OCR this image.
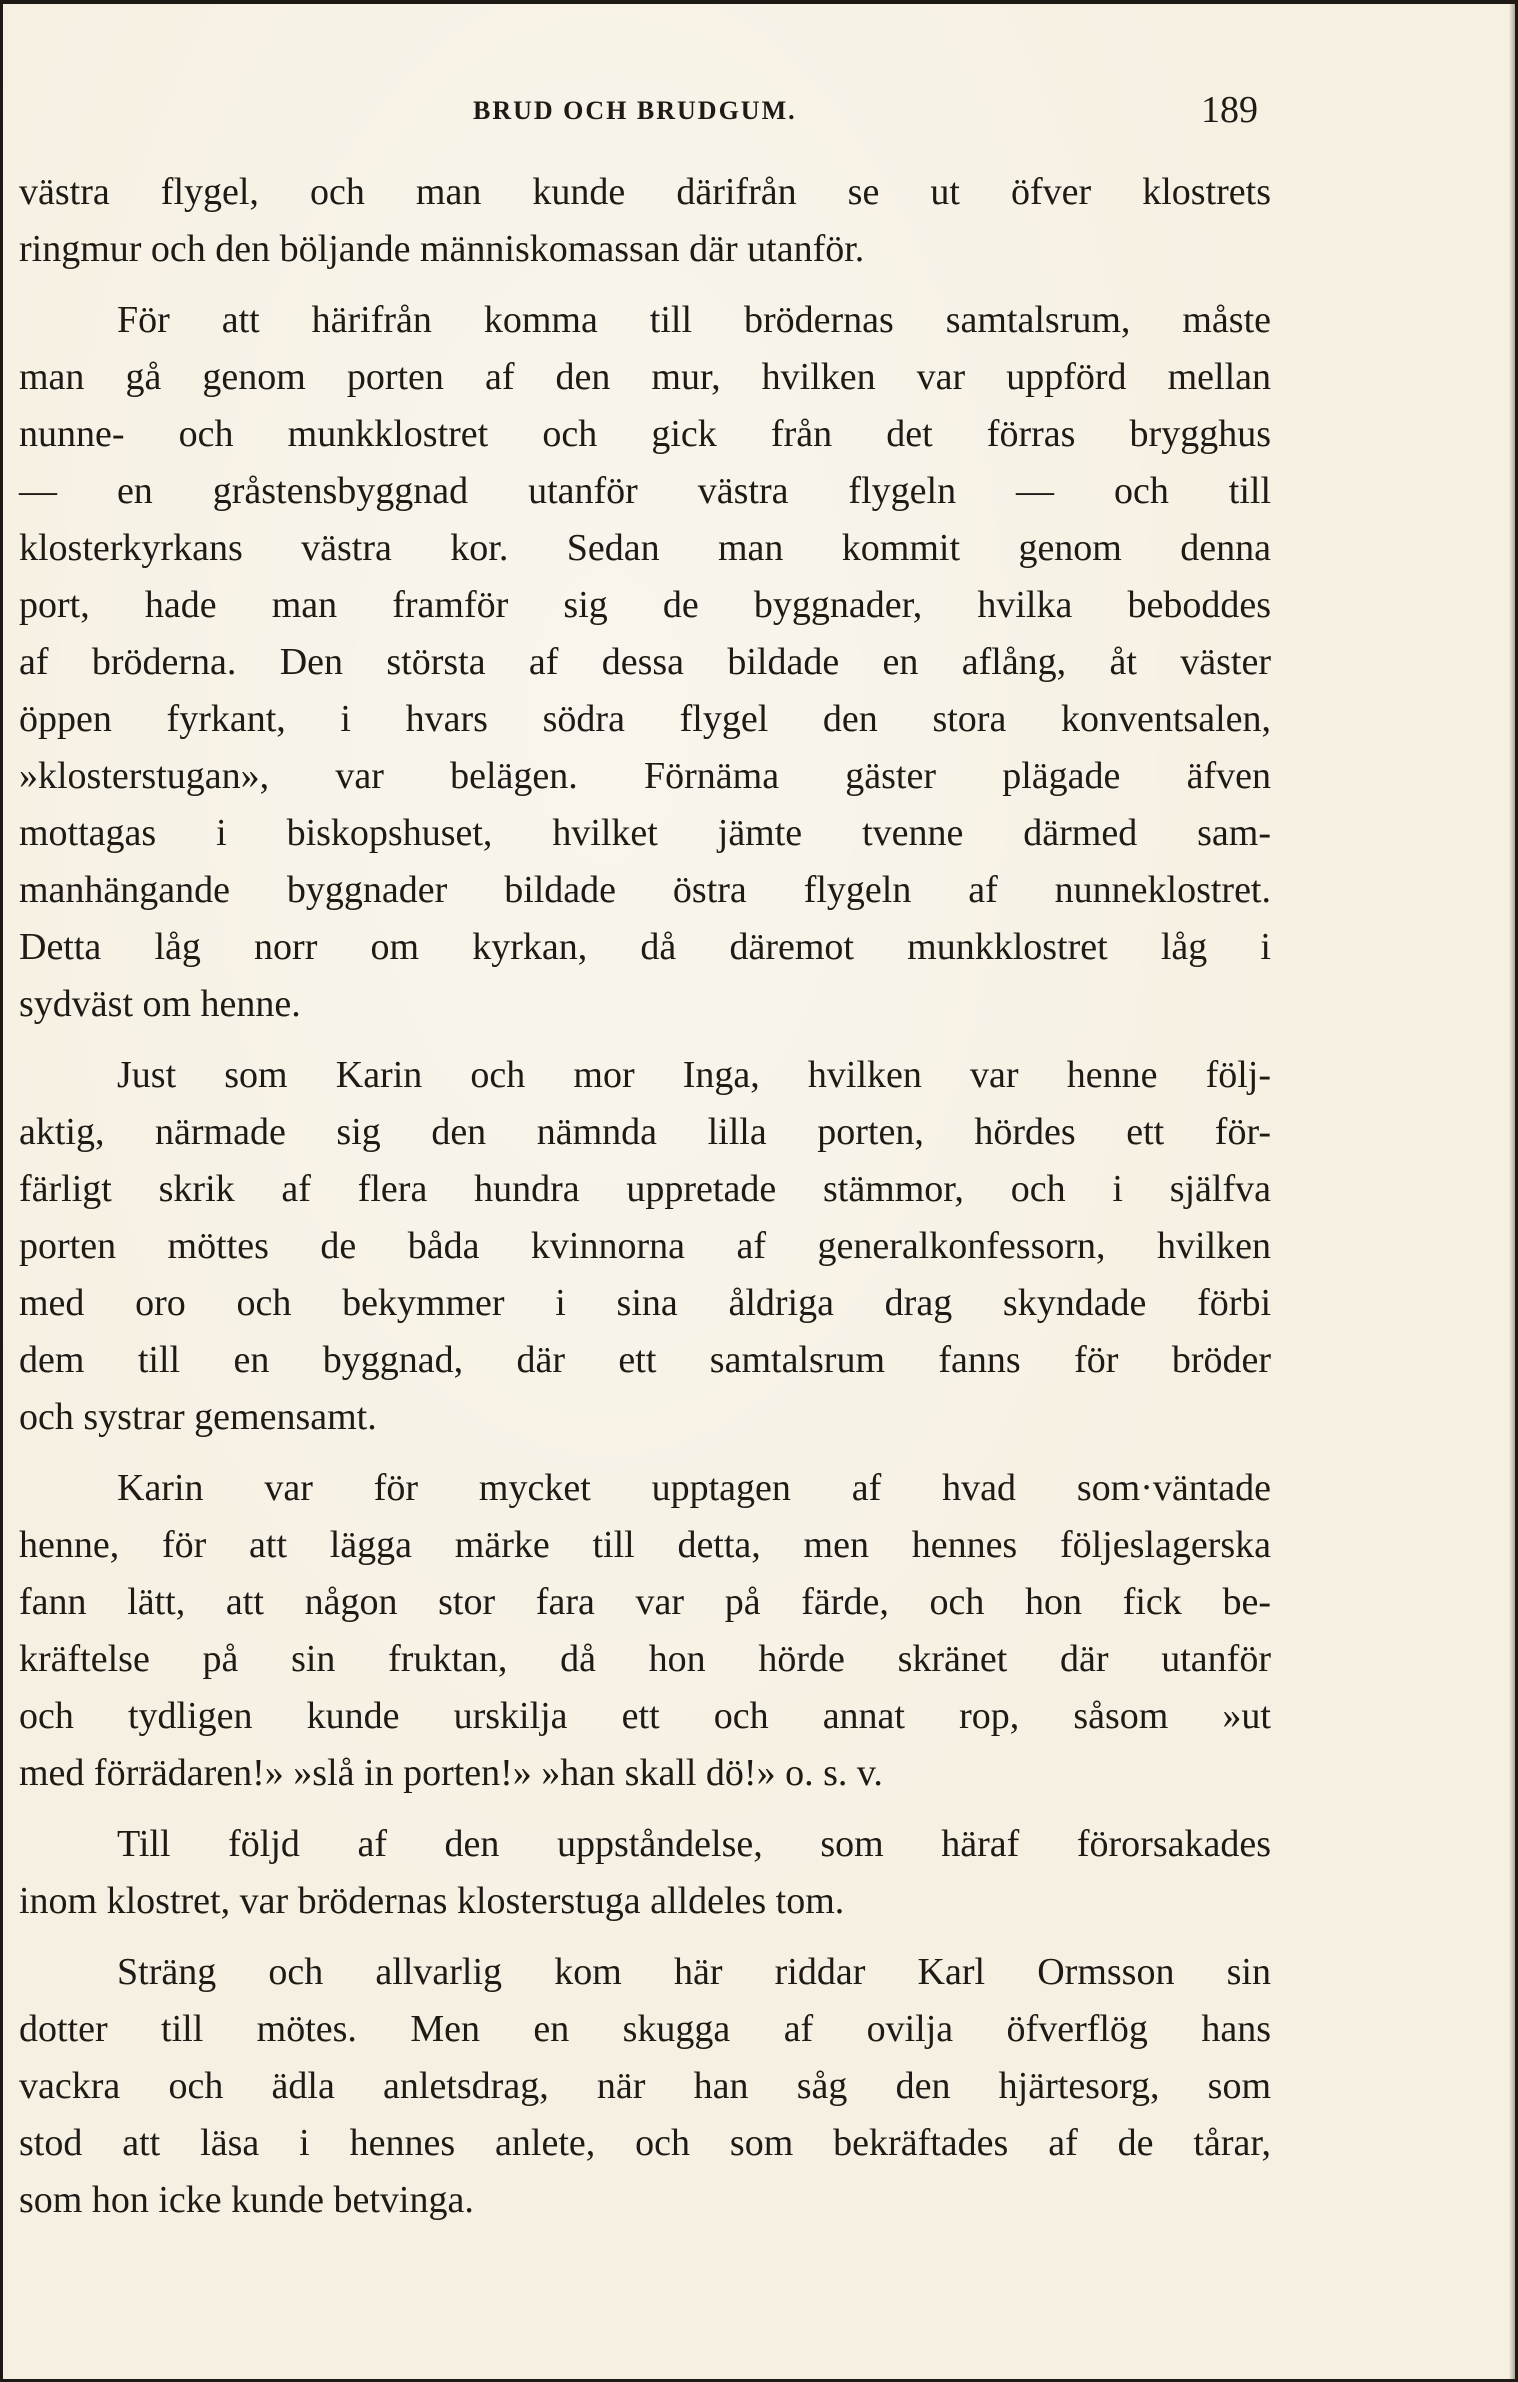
BRUD OCH BRUDGUM.	189
västra flygel, och man kunde därifrån se ut öfver klostrets
ringmur och den böljande människomassan där utanför.
För att härifrån komma till brödernas samtalsrum, måste
man gå genom porten af den mur, hvilken var uppförd mellan
nunne- och munkklostret och gick från det förras brygghus
— en gråstensbyggnad utanför västra flygeln — och till
klosterkyrkans västra kor. Sedan man kommit genom denna
port, hade man framför sig de byggnader, hvilka beboddes
af bröderna. Den största af dessa bildade en aflång, åt väster
öppen fyrkant, i hvars södra flygel den stora konventsalen,
»klosterstugan», var belägen. Förnäma gäster plägade äfven
mottagas i biskopshuset, hvilket jämte tvenne därmed sam-
manhängande byggnader bildade östra flygeln af nunneklostret.
Detta låg norr om kyrkan, då däremot munkklostret låg i
sydväst om henne.
Just som Karin och mor Inga, hvilken var henne följ-
aktig, närmade sig den nämnda lilla porten, hördes ett för-
färligt skrik af flera hundra uppretade stämmor, och i själfva
porten möttes de båda kvinnorna af generalkonfessorn, hvilken
med oro och bekymmer i sina åldriga drag skyndade förbi
dem till en byggnad, där ett samtalsrum fanns för bröder
och systrar gemensamt.
Karin var för mycket upptagen af hvad som·väntade
henne, för att lägga märke till detta, men hennes följeslagerska
fann lätt, att någon stor fara var på färde, och hon fick be-
kräftelse på sin fruktan, då hon hörde skränet där utanför
och tydligen kunde urskilja ett och annat rop, såsom »ut
med förrädaren!» »slå in porten!» »han skall dö!» o. s. v.
Till följd af den uppståndelse, som häraf förorsakades
inom klostret, var brödernas klosterstuga alldeles tom.
Sträng och allvarlig kom här riddar Karl Ormsson sin
dotter till mötes. Men en skugga af ovilja öfverflög hans
vackra och ädla anletsdrag, när han såg den hjärtesorg, som
stod att läsa i hennes anlete, och som bekräftades af de tårar,
som hon icke kunde betvinga.
